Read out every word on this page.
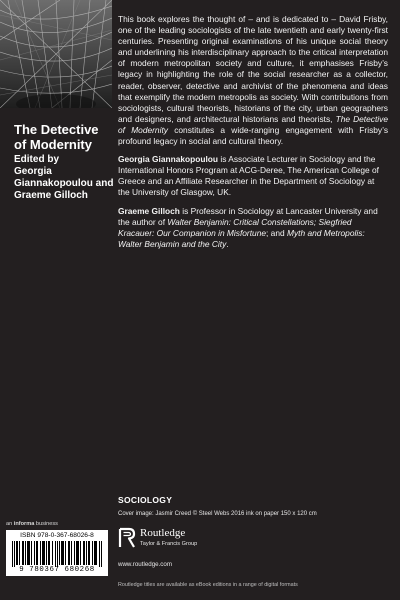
The Detective of Modernity
Edited by
Georgia Giannakopoulou and Graeme Gilloch
an informa business
ISBN 978-0-367-68026-8
9 780367 680268

This book explores the thought of – and is dedicated to – David Frisby, one of the leading sociologists of the late twentieth and early twenty-first centuries. Presenting original examinations of his unique social theory and underlining his interdisciplinary approach to the critical interpretation of modern metropolitan society and culture, it emphasises Frisby’s legacy in highlighting the role of the social researcher as a collector, reader, observer, detective and archivist of the phenomena and ideas that exemplify the modern metropolis as society. With contributions from sociologists, cultural theorists, historians of the city, urban geographers and designers, and architectural historians and theorists, The Detective of Modernity constitutes a wide-ranging engagement with Frisby’s profound legacy in social and cultural theory.

Georgia Giannakopoulou is Associate Lecturer in Sociology and the International Honors Program at ACG-Deree, The American College of Greece and an Affiliate Researcher in the Department of Sociology at the University of Glasgow, UK.

Graeme Gilloch is Professor in Sociology at Lancaster University and the author of Walter Benjamin: Critical Constellations; Siegfried Kracauer: Our Companion in Misfortune; and Myth and Metropolis: Walter Benjamin and the City.

SOCIOLOGY
Cover image: Jasmir Creed © Steel Webs 2016 ink on paper 150 x 120 cm
Routledge
Taylor & Francis Group
www.routledge.com
Routledge titles are available as eBook editions in a range of digital formats
